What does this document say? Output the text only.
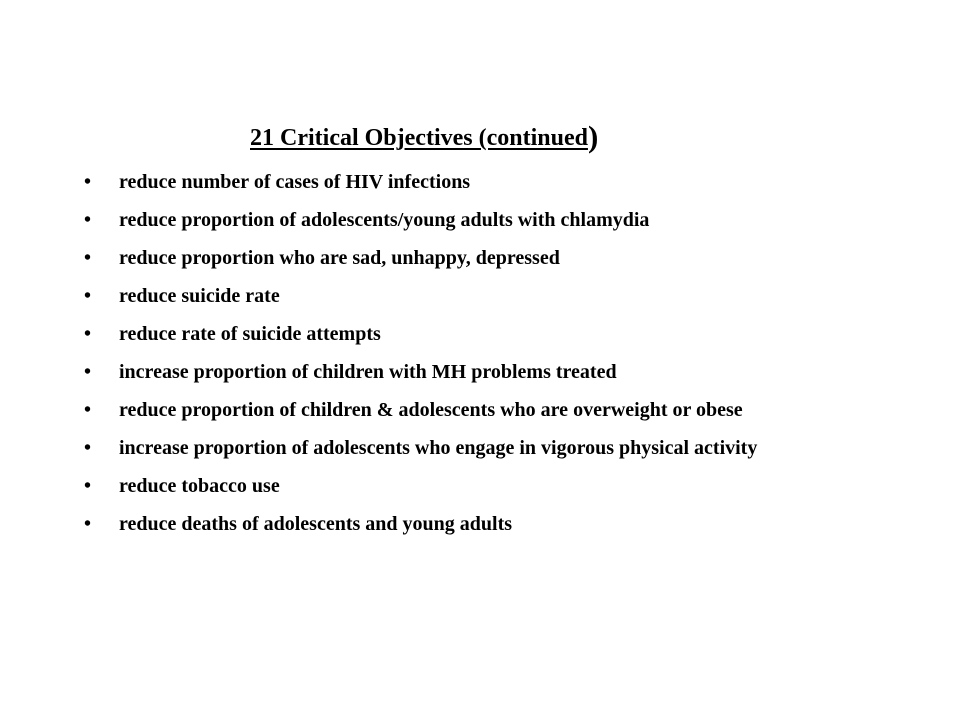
21 Critical Objectives (continued)
•	reduce number of cases of HIV infections
•	reduce proportion of adolescents/young adults with chlamydia
•	reduce proportion who are sad, unhappy, depressed
•	reduce suicide rate
•	reduce rate of suicide attempts
•	increase proportion of children with MH problems treated
•	reduce proportion of children & adolescents who are overweight or obese
•	increase proportion of adolescents who engage in vigorous physical activity
•	reduce tobacco use
•	reduce deaths of adolescents and young adults
